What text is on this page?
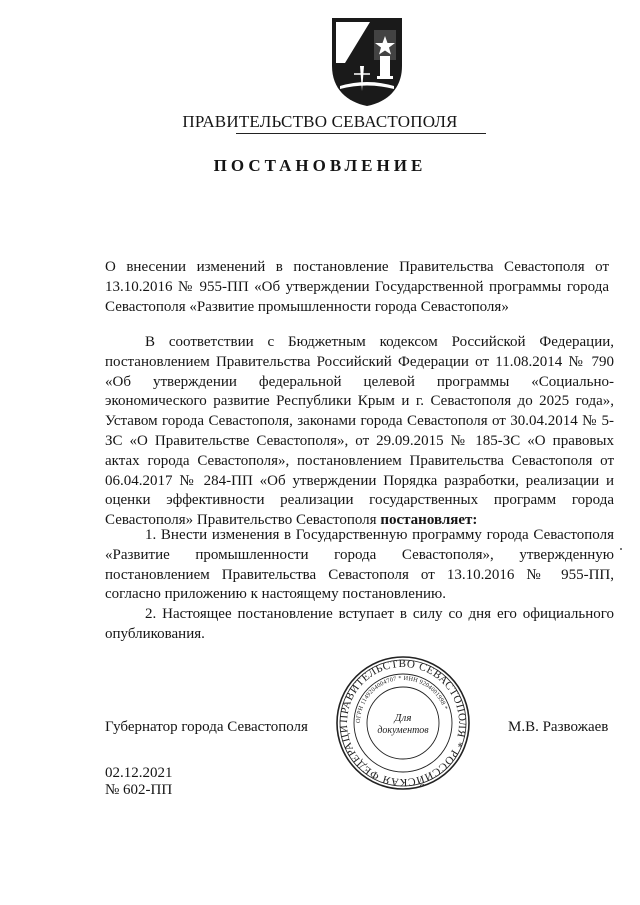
ПРАВИТЕЛЬСТВО СЕВАСТОПОЛЯ
ПОСТАНОВЛЕНИЕ
О внесении изменений в постановление Правительства Севастополя от 13.10.2016 № 955-ПП «Об утверждении Государственной программы города Севастополя «Развитие промышленности города Севастополя»
В соответствии с Бюджетным кодексом Российской Федерации, постановлением Правительства Российский Федерации от 11.08.2014 № 790 «Об утверждении федеральной целевой программы «Социально-экономического развитие Республики Крым и г. Севастополя до 2025 года», Уставом города Севастополя, законами города Севастополя от 30.04.2014 № 5-ЗС «О Правительстве Севастополя», от 29.09.2015 № 185-ЗС «О правовых актах города Севастополя», постановлением Правительства Севастополя от 06.04.2017 № 284-ПП «Об утверждении Порядка разработки, реализации и оценки эффективности реализации государственных программ города Севастополя» Правительство Севастополя постановляет:
1. Внести изменения в Государственную программу города Севастополя «Развитие промышленности города Севастополя», утвержденную постановлением Правительства Севастополя от 13.10.2016 № 955-ПП, согласно приложению к настоящему постановлению.
2. Настоящее постановление вступает в силу со дня его официального опубликования.
ПРАВИТЕЛЬСТВО СЕВАСТОПОЛЯ * РОССИЙСКАЯ ФЕДЕРАЦИ
ОГРН 1149204004707 * ИНН 9204001998 *
Для
документов
Губернатор города Севастополя	М.В. Развожаев
02.12.2021
№ 602-ПП
